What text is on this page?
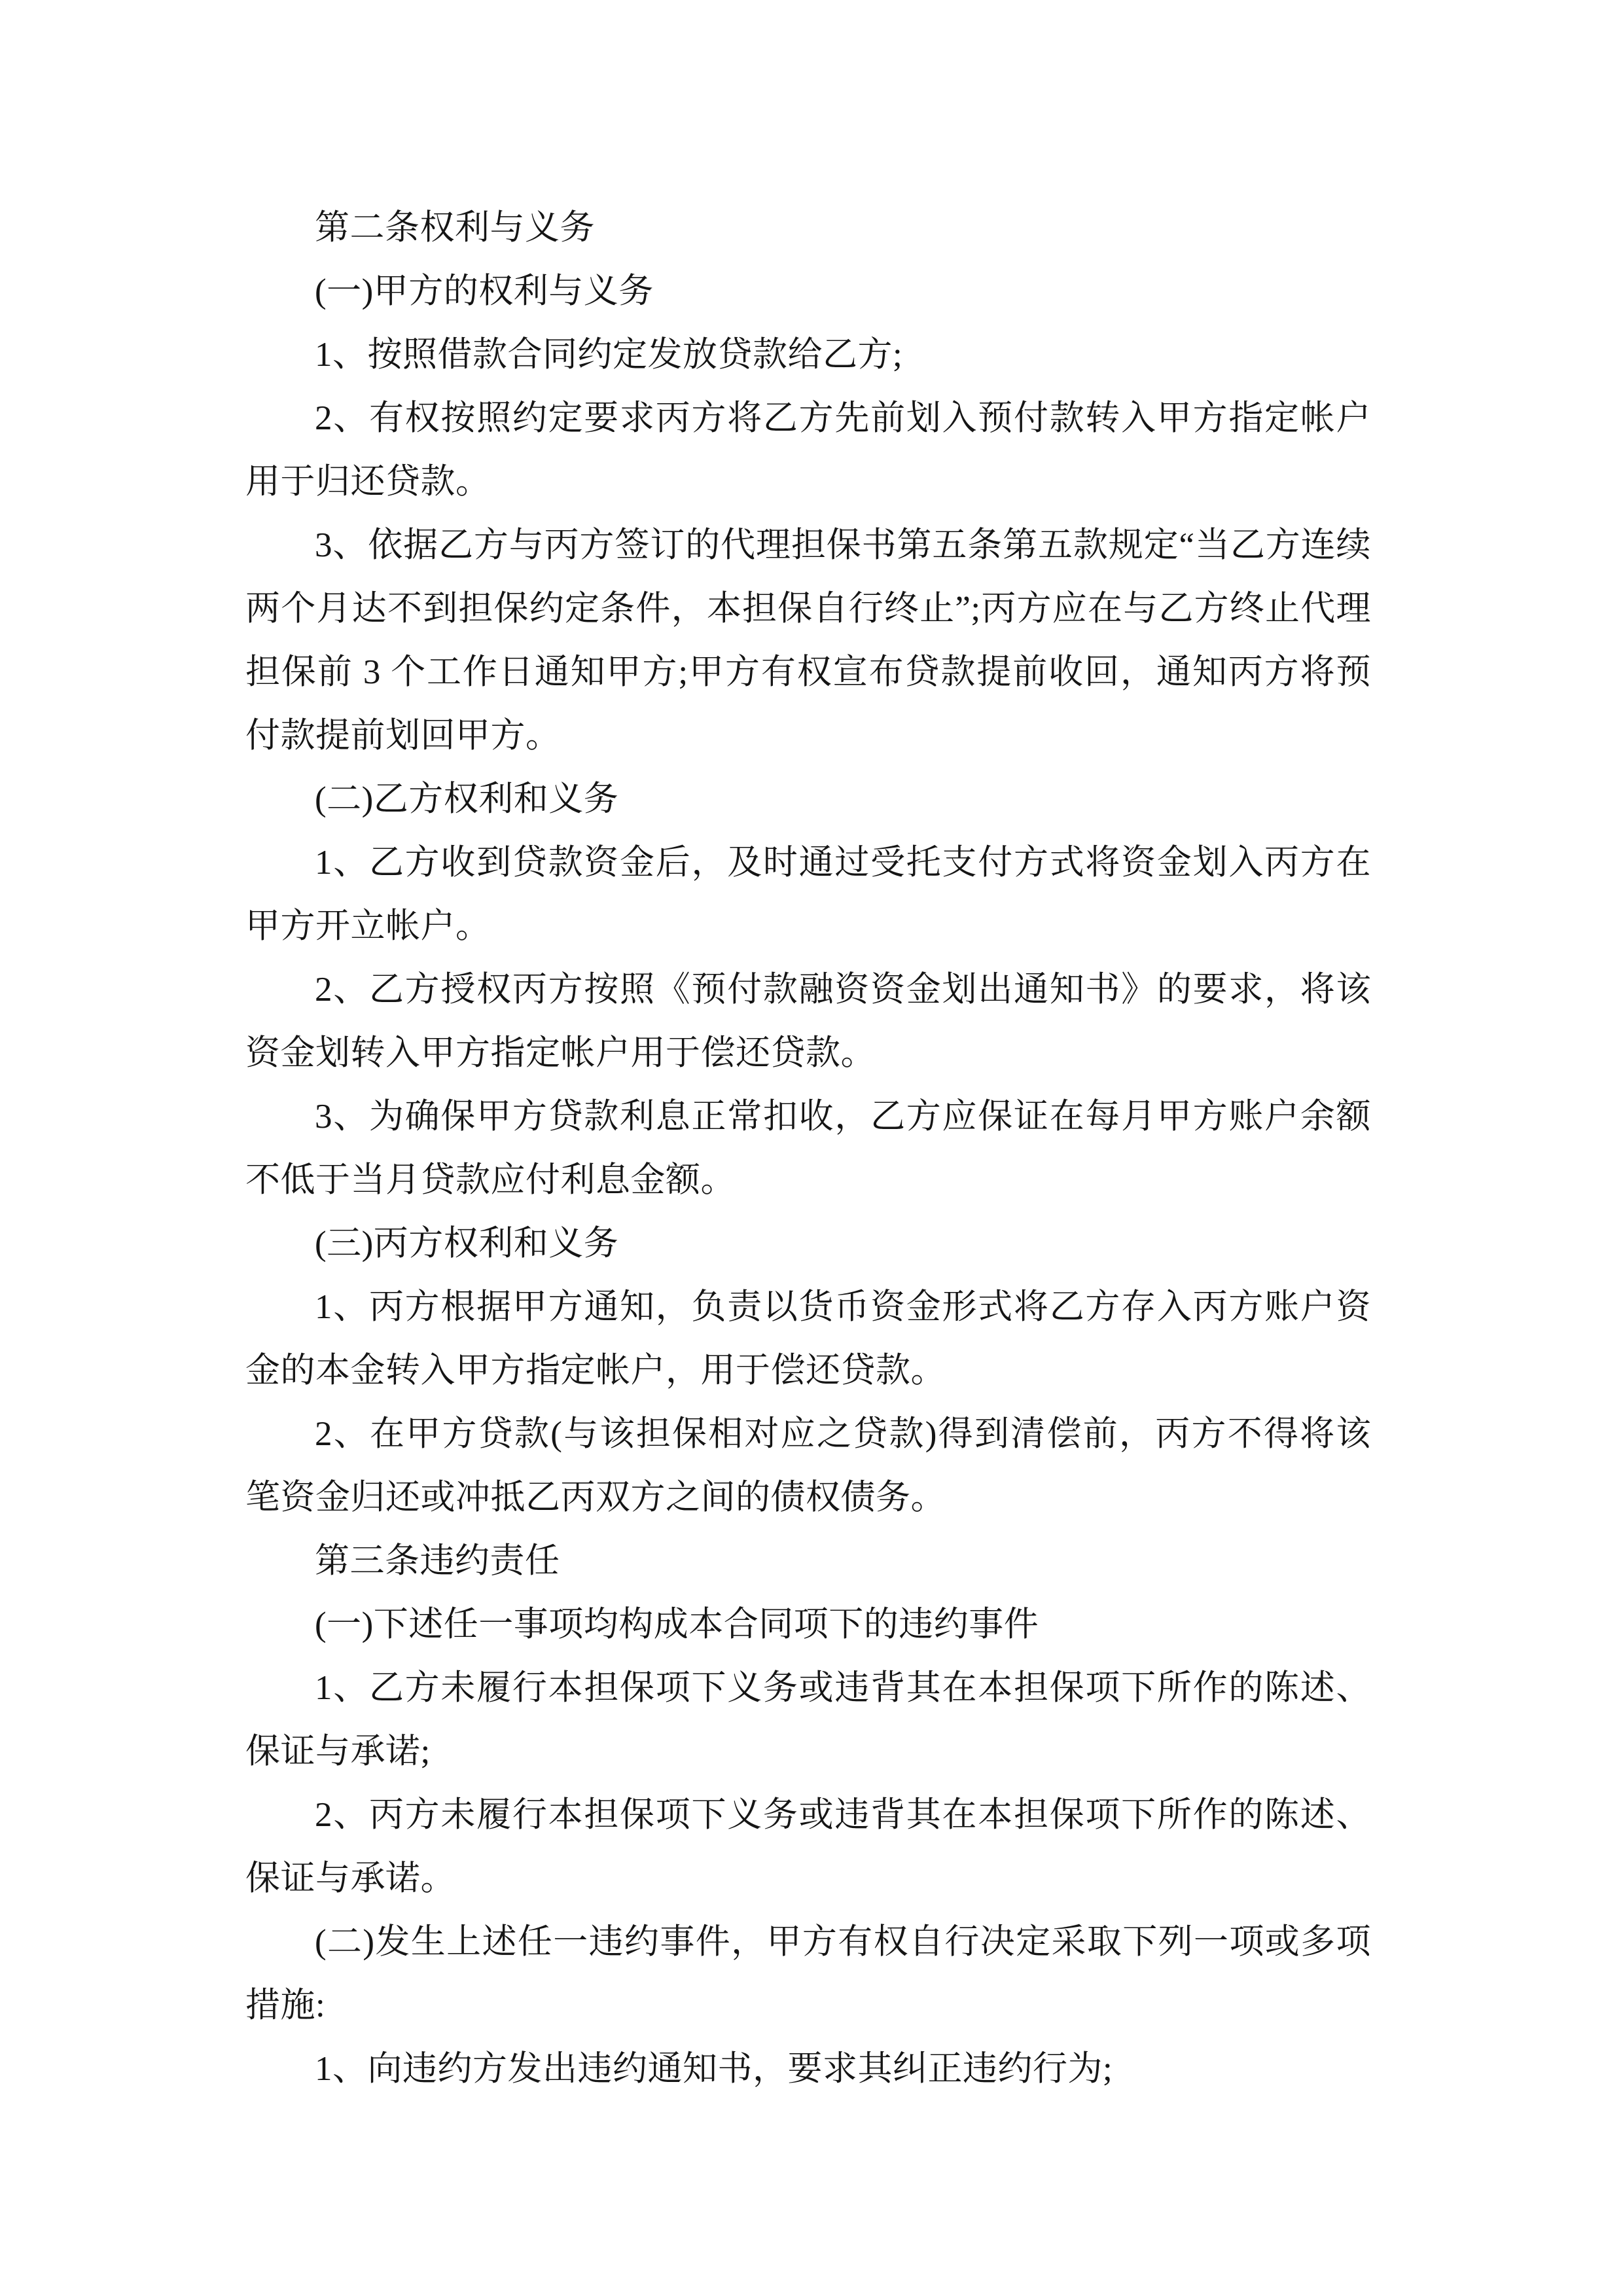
第二条权利与义务

(一)甲方的权利与义务

1、按照借款合同约定发放贷款给乙方;

2、有权按照约定要求丙方将乙方先前划入预付款转入甲方指定帐户用于归还贷款。

3、依据乙方与丙方签订的代理担保书第五条第五款规定“当乙方连续两个月达不到担保约定条件，本担保自行终止”;丙方应在与乙方终止代理担保前 3 个工作日通知甲方;甲方有权宣布贷款提前收回，通知丙方将预付款提前划回甲方。

(二)乙方权利和义务

1、乙方收到贷款资金后，及时通过受托支付方式将资金划入丙方在甲方开立帐户。

2、乙方授权丙方按照《预付款融资资金划出通知书》的要求，将该资金划转入甲方指定帐户用于偿还贷款。

3、为确保甲方贷款利息正常扣收，乙方应保证在每月甲方账户余额不低于当月贷款应付利息金额。

(三)丙方权利和义务

1、丙方根据甲方通知，负责以货币资金形式将乙方存入丙方账户资金的本金转入甲方指定帐户，用于偿还贷款。

2、在甲方贷款(与该担保相对应之贷款)得到清偿前，丙方不得将该笔资金归还或冲抵乙丙双方之间的债权债务。

第三条违约责任

(一)下述任一事项均构成本合同项下的违约事件

1、乙方未履行本担保项下义务或违背其在本担保项下所作的陈述、保证与承诺;

2、丙方未履行本担保项下义务或违背其在本担保项下所作的陈述、保证与承诺。

(二)发生上述任一违约事件，甲方有权自行决定采取下列一项或多项措施:

1、向违约方发出违约通知书，要求其纠正违约行为;
